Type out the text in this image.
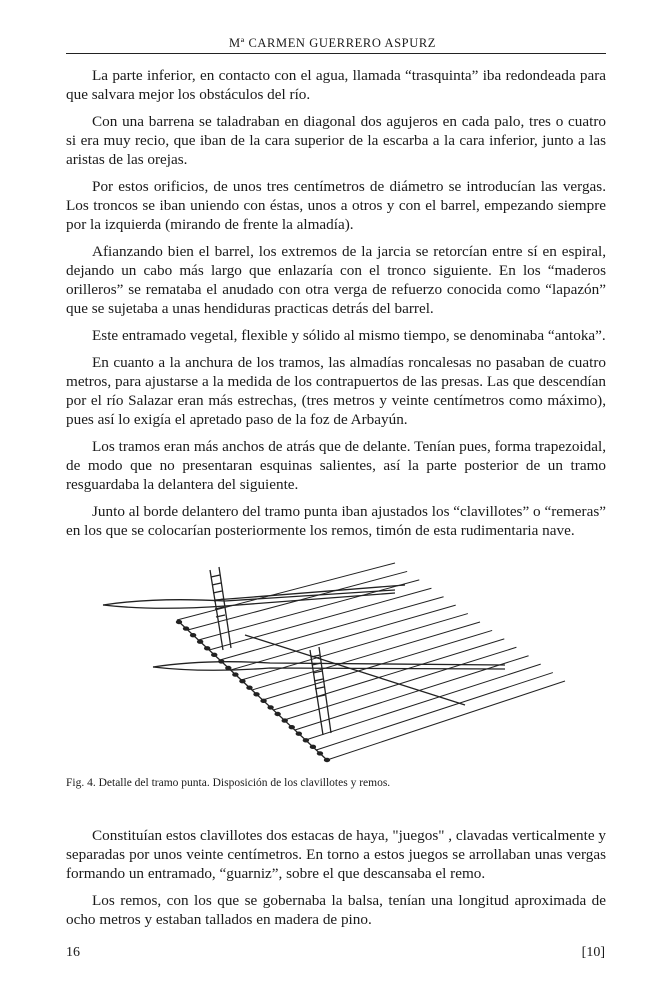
Mª CARMEN GUERRERO ASPURZ

La parte inferior, en contacto con el agua, llamada “trasquinta” iba redondeada para que salvara mejor los obstáculos del río.

Con una barrena se taladraban en diagonal dos agujeros en cada palo, tres o cuatro si era muy recio, que iban de la cara superior de la escarba a la cara inferior, junto a las aristas de las orejas.

Por estos orificios, de unos tres centímetros de diámetro se introducían las vergas. Los troncos se iban uniendo con éstas, unos a otros y con el barrel, empezando siempre por la izquierda (mirando de frente la almadía).

Afianzando bien el barrel, los extremos de la jarcia se retorcían entre sí en espiral, dejando un cabo más largo que enlazaría con el tronco siguiente. En los “maderos orilleros” se remataba el anudado con otra verga de refuerzo conocida como “lapazón” que se sujetaba a unas hendiduras practicas detrás del barrel.

Este entramado vegetal, flexible y sólido al mismo tiempo, se denominaba “antoka”.

En cuanto a la anchura de los tramos, las almadías roncalesas no pasaban de cuatro metros, para ajustarse a la medida de los contrapuertos de las presas. Las que descendían por el río Salazar eran más estrechas, (tres metros y veinte centímetros como máximo), pues así lo exigía el apretado paso de la foz de Arbayún.

Los tramos eran más anchos de atrás que de delante. Tenían pues, forma trapezoidal, de modo que no presentaran esquinas salientes, así la parte posterior de un tramo resguardaba la delantera del siguiente.

Junto al borde delantero del tramo punta iban ajustados los “clavillotes” o “remeras” en los que se colocarían posteriormente los remos, timón de esta rudimentaria nave.

Fig. 4. Detalle del tramo punta. Disposición de los clavillotes y remos.

Constituían estos clavillotes dos estacas de haya, "juegos" , clavadas verticalmente y separadas por unos veinte centímetros. En torno a estos juegos se arrollaban unas vergas formando un entramado, “guarniz”, sobre el que descansaba el remo.

Los remos, con los que se gobernaba la balsa, tenían una longitud aproximada de ocho metros y estaban tallados en madera de pino.

16	[10]
